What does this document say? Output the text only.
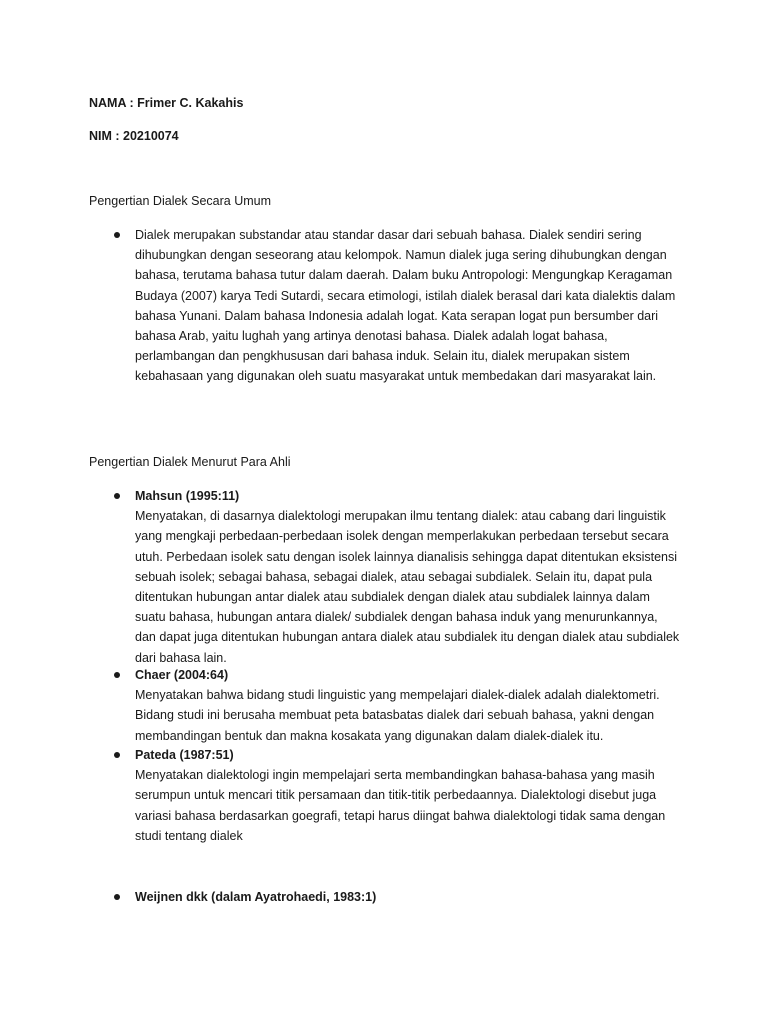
NAMA : Frimer C. Kakahis
NIM : 20210074
Pengertian Dialek Secara Umum
Dialek merupakan substandar atau standar dasar dari sebuah bahasa. Dialek sendiri sering dihubungkan dengan seseorang atau kelompok. Namun dialek juga sering dihubungkan dengan bahasa, terutama bahasa tutur dalam daerah. Dalam buku Antropologi: Mengungkap Keragaman Budaya (2007) karya Tedi Sutardi, secara etimologi, istilah dialek berasal dari kata dialektis dalam bahasa Yunani. Dalam bahasa Indonesia adalah logat. Kata serapan logat pun bersumber dari bahasa Arab, yaitu lughah yang artinya denotasi bahasa. Dialek adalah logat bahasa, perlambangan dan pengkhususan dari bahasa induk. Selain itu, dialek merupakan sistem kebahasaan yang digunakan oleh suatu masyarakat untuk membedakan dari masyarakat lain.
Pengertian Dialek Menurut Para Ahli
Mahsun (1995:11)
Menyatakan, di dasarnya dialektologi merupakan ilmu tentang dialek: atau cabang dari linguistik yang mengkaji perbedaan-perbedaan isolek dengan memperlakukan perbedaan tersebut secara utuh. Perbedaan isolek satu dengan isolek lainnya dianalisis sehingga dapat ditentukan eksistensi sebuah isolek; sebagai bahasa, sebagai dialek, atau sebagai subdialek. Selain itu, dapat pula ditentukan hubungan antar dialek atau subdialek dengan dialek atau subdialek lainnya dalam suatu bahasa, hubungan antara dialek/ subdialek dengan bahasa induk yang menurunkannya, dan dapat juga ditentukan hubungan antara dialek atau subdialek itu dengan dialek atau subdialek dari bahasa lain.
Chaer (2004:64)
Menyatakan bahwa bidang studi linguistic yang mempelajari dialek-dialek adalah dialektometri. Bidang studi ini berusaha membuat peta batasbatas dialek dari sebuah bahasa, yakni dengan membandingan bentuk dan makna kosakata yang digunakan dalam dialek-dialek itu.
Pateda (1987:51)
Menyatakan dialektologi ingin mempelajari serta membandingkan bahasa-bahasa yang masih serumpun untuk mencari titik persamaan dan titik-titik perbedaannya. Dialektologi disebut juga variasi bahasa berdasarkan goegrafi, tetapi harus diingat bahwa dialektologi tidak sama dengan studi tentang dialek
Weijnen dkk (dalam Ayatrohaedi, 1983:1)
